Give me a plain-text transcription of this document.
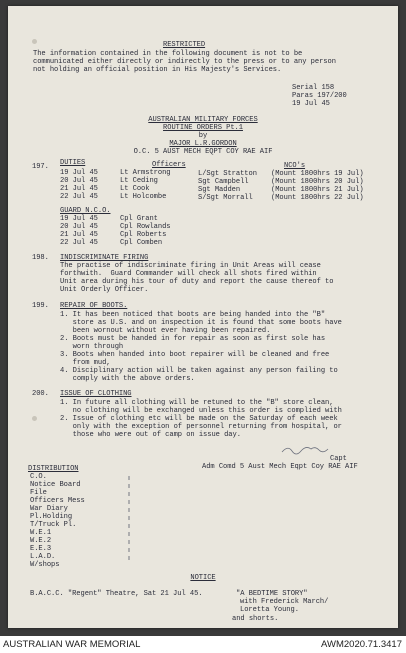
RESTRICTED
The information contained in the following document is not to be
communicated either directly or indirectly to the press or to any person
not holding an official position in His Majesty's Services.
Serial 158
Paras 197/200
19 Jul 45
AUSTRALIAN MILITARY FORCES
ROUTINE ORDERS Pt.1
by
MAJOR L.R.GORDON
O.C. 5 AUST MECH EQPT COY RAE AIF
197. DUTIES	Officers	NCO's
19 Jul 45	Lt Armstrong	L/Sgt Stratton (Mount 1800hrs 19 Jul)
20 Jul 45	Lt Ceding	Sgt Campbell	(Mount 1800hrs 20 Jul)
21 Jul 45	Lt Cook	Sgt Madden	(Mount 1800hrs 21 Jul)
22 Jul 45	Lt Holcombe	S/Sgt Morrall	(Mount 1800hrs 22 Jul)
GUARD N.C.O.
19 Jul 45	Cpl Grant
20 Jul 45	Cpl Rowlands
21 Jul 45	Cpl Roberts
22 Jul 45	Cpl Comben
198. INDISCRIMINATE FIRING
The practise of indiscriminate firing in Unit Areas will cease
forthwith.  Guard Commander will check all shots fired within
Unit area during his tour of duty and report the cause thereof to
Unit Orderly Officer.
199. REPAIR OF BOOTS.
1. It has been noticed that boots are being handed into the "B"
store as U.S. and on inspection it is found that some boots have
been wornout without ever having been repaired.
2. Boots must be handed in for repair as soon as first sole has
worn through
3. Boots when handed into boot repairer will be cleaned and free
from mud,
4. Disciplinary action will be taken against any person failing to
comply with the above orders.
200. ISSUE OF CLOTHING
1. In future all clothing will be retuned to the "B" store clean,
no clothing will be exchanged unless this order is complied with
2. Issue of clothing etc will be made on the Saturday of each week
only with the exception of personnel returning from hospital, or
those who were out of camp on issue day.
Capt
Adm Comd 5 Aust Mech Eqpt Coy RAE AIF
DISTRIBUTION
C.O.
Notice Board
File
Officers Mess
War Diary
Pl.Holding
T/Truck Pl.
W.E.1
W.E.2
E.E.3
L.A.D.
W/shops
NOTICE
B.A.C.C. "Regent" Theatre, Sat 21 Jul 45.	"A BEDTIME STORY"
with Frederick March/
Loretta Young.
and shorts.
AUSTRALIAN WAR MEMORIAL	AWM2020.71.3417
